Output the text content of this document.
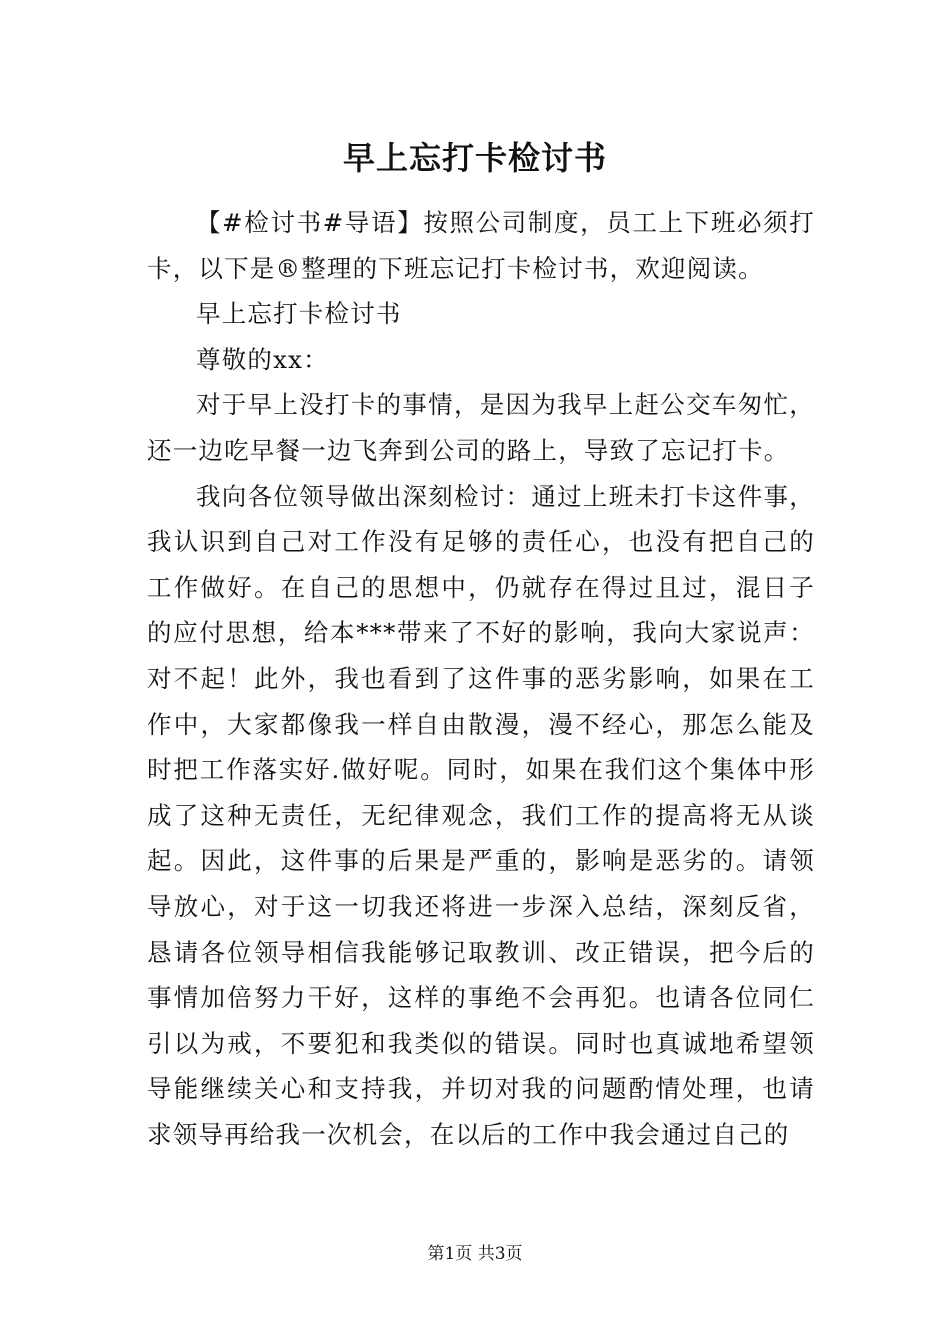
早上忘打卡检讨书

【#检讨书#导语】按照公司制度，员工上下班必须打卡，以下是®整理的下班忘记打卡检讨书，欢迎阅读。

早上忘打卡检讨书

尊敬的xx：

对于早上没打卡的事情，是因为我早上赶公交车匆忙，还一边吃早餐一边飞奔到公司的路上，导致了忘记打卡。

我向各位领导做出深刻检讨：通过上班未打卡这件事，我认识到自己对工作没有足够的责任心，也没有把自己的工作做好。在自己的思想中，仍就存在得过且过，混日子的应付思想，给本***带来了不好的影响，我向大家说声：对不起！此外，我也看到了这件事的恶劣影响，如果在工作中，大家都像我一样自由散漫，漫不经心，那怎么能及时把工作落实好.做好呢。同时，如果在我们这个集体中形成了这种无责任，无纪律观念，我们工作的提高将无从谈起。因此，这件事的后果是严重的，影响是恶劣的。请领导放心，对于这一切我还将进一步深入总结，深刻反省，恳请各位领导相信我能够记取教训、改正错误，把今后的事情加倍努力干好，这样的事绝不会再犯。也请各位同仁引以为戒，不要犯和我类似的错误。同时也真诚地希望领导能继续关心和支持我，并切对我的问题酌情处理，也请求领导再给我一次机会，在以后的工作中我会通过自己的

第1页 共3页
